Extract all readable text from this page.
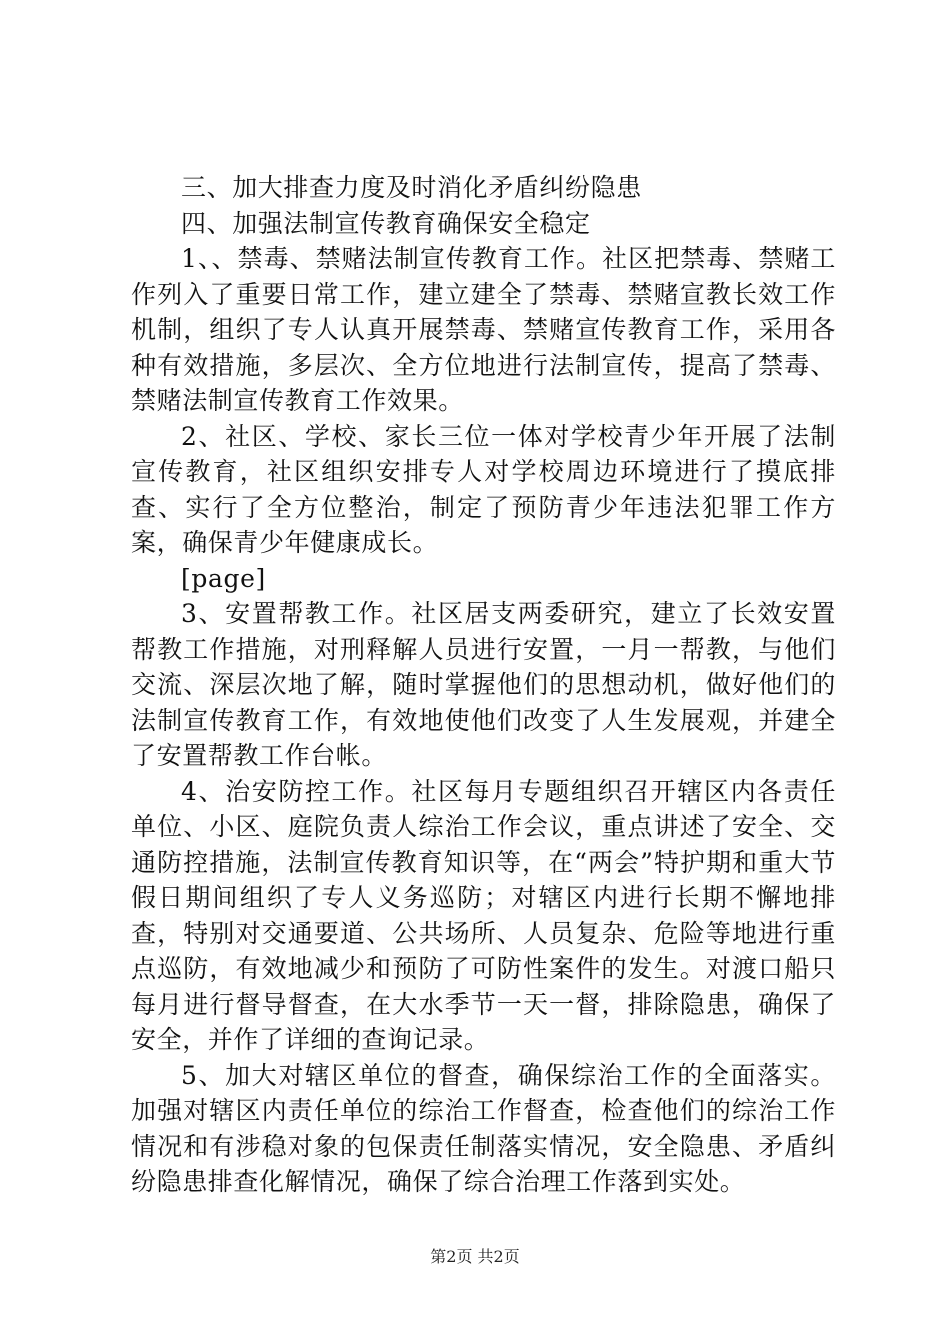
三、加大排查力度及时消化矛盾纠纷隐患

四、加强法制宣传教育确保安全稳定

1、、禁毒、禁赌法制宣传教育工作。社区把禁毒、禁赌工作列入了重要日常工作，建立建全了禁毒、禁赌宣教长效工作机制，组织了专人认真开展禁毒、禁赌宣传教育工作，采用各种有效措施，多层次、全方位地进行法制宣传，提高了禁毒、禁赌法制宣传教育工作效果。

2、社区、学校、家长三位一体对学校青少年开展了法制宣传教育，社区组织安排专人对学校周边环境进行了摸底排查、实行了全方位整治，制定了预防青少年违法犯罪工作方案，确保青少年健康成长。

[page]

3、安置帮教工作。社区居支两委研究，建立了长效安置帮教工作措施，对刑释解人员进行安置，一月一帮教，与他们交流、深层次地了解，随时掌握他们的思想动机，做好他们的法制宣传教育工作，有效地使他们改变了人生发展观，并建全了安置帮教工作台帐。

4、治安防控工作。社区每月专题组织召开辖区内各责任单位、小区、庭院负责人综治工作会议，重点讲述了安全、交通防控措施，法制宣传教育知识等，在“两会”特护期和重大节假日期间组织了专人义务巡防；对辖区内进行长期不懈地排查，特别对交通要道、公共场所、人员复杂、危险等地进行重点巡防，有效地减少和预防了可防性案件的发生。对渡口船只每月进行督导督查，在大水季节一天一督，排除隐患，确保了安全，并作了详细的查询记录。

5、加大对辖区单位的督查，确保综治工作的全面落实。加强对辖区内责任单位的综治工作督查，检查他们的综治工作情况和有涉稳对象的包保责任制落实情况，安全隐患、矛盾纠纷隐患排查化解情况，确保了综合治理工作落到实处。

第2页 共2页
